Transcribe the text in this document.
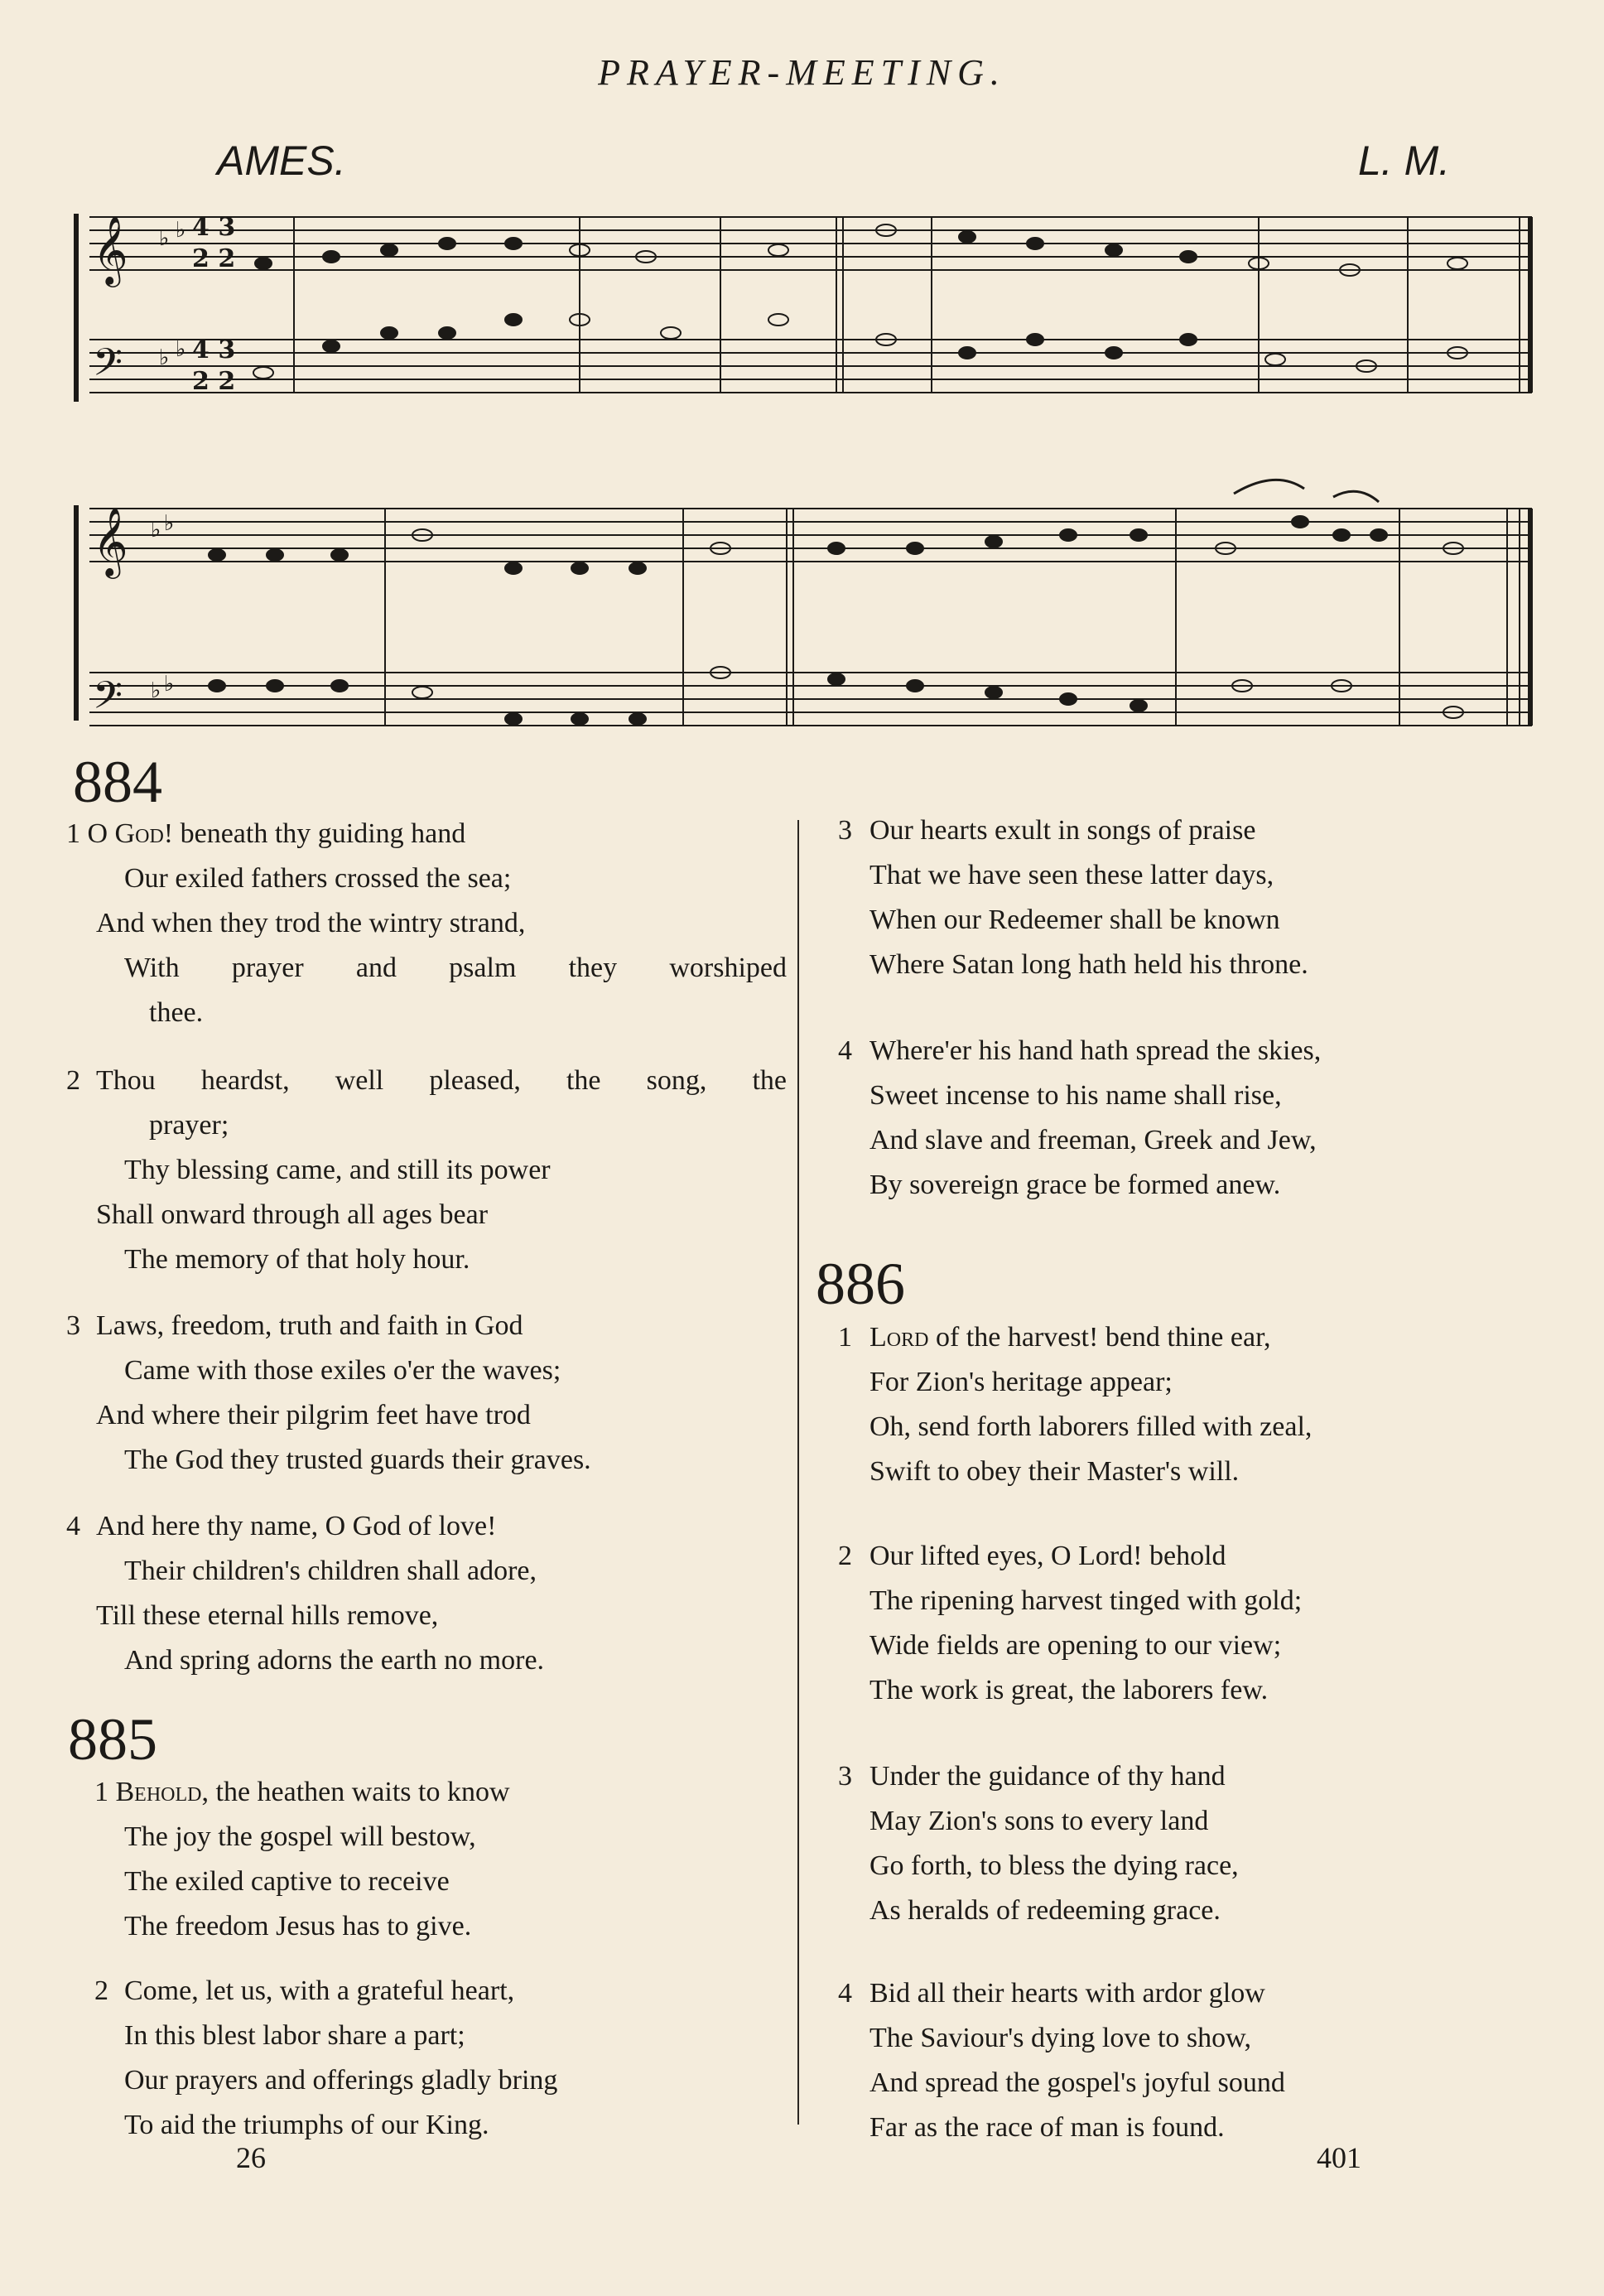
PRAYER-MEETING.
AMES.	L. M.
𝄞
𝄢
♭ ♭
♭ ♭
𝄞
𝄢
♭ ♭
♭ ♭
4 3
2 2
4 3
2 2
884
1 O God! beneath thy guiding hand
Our exiled fathers crossed the sea;
And when they trod the wintry strand,
With prayer and psalm they worshiped
thee.
2 Thou heardst, well pleased, the song, the
prayer;
Thy blessing came, and still its power
Shall onward through all ages bear
The memory of that holy hour.
3 Laws, freedom, truth and faith in God
Came with those exiles o'er the waves;
And where their pilgrim feet have trod
The God they trusted guards their graves.
4 And here thy name, O God of love!
Their children's children shall adore,
Till these eternal hills remove,
And spring adorns the earth no more.
885
1 Behold, the heathen waits to know
The joy the gospel will bestow,
The exiled captive to receive
The freedom Jesus has to give.
2 Come, let us, with a grateful heart,
In this blest labor share a part;
Our prayers and offerings gladly bring
To aid the triumphs of our King.
3 Our hearts exult in songs of praise
That we have seen these latter days,
When our Redeemer shall be known
Where Satan long hath held his throne.
4 Where'er his hand hath spread the skies,
Sweet incense to his name shall rise,
And slave and freeman, Greek and Jew,
By sovereign grace be formed anew.
886
1 Lord of the harvest! bend thine ear,
For Zion's heritage appear;
Oh, send forth laborers filled with zeal,
Swift to obey their Master's will.
2 Our lifted eyes, O Lord! behold
The ripening harvest tinged with gold;
Wide fields are opening to our view;
The work is great, the laborers few.
3 Under the guidance of thy hand
May Zion's sons to every land
Go forth, to bless the dying race,
As heralds of redeeming grace.
4 Bid all their hearts with ardor glow
The Saviour's dying love to show,
And spread the gospel's joyful sound
Far as the race of man is found.
26	401
